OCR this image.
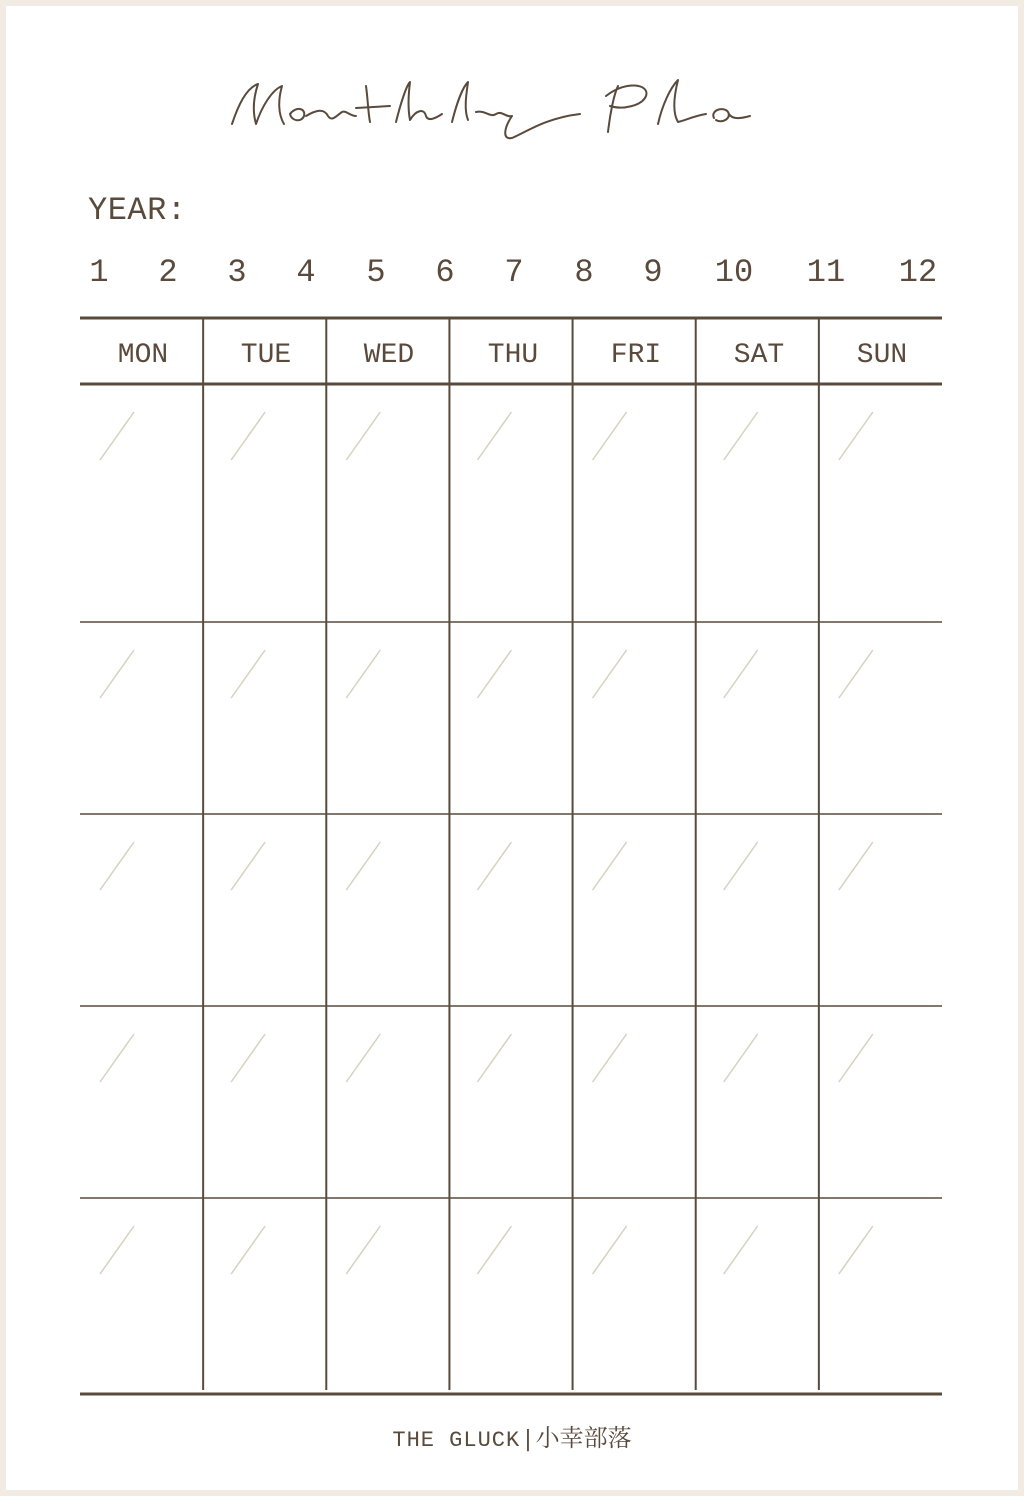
YEAR:
1 2 3 4 5 6 7 8 9 10 11 12
MON	TUE	WED	THU	FRI	SAT	SUN
THE GLUCK | 小幸部落
